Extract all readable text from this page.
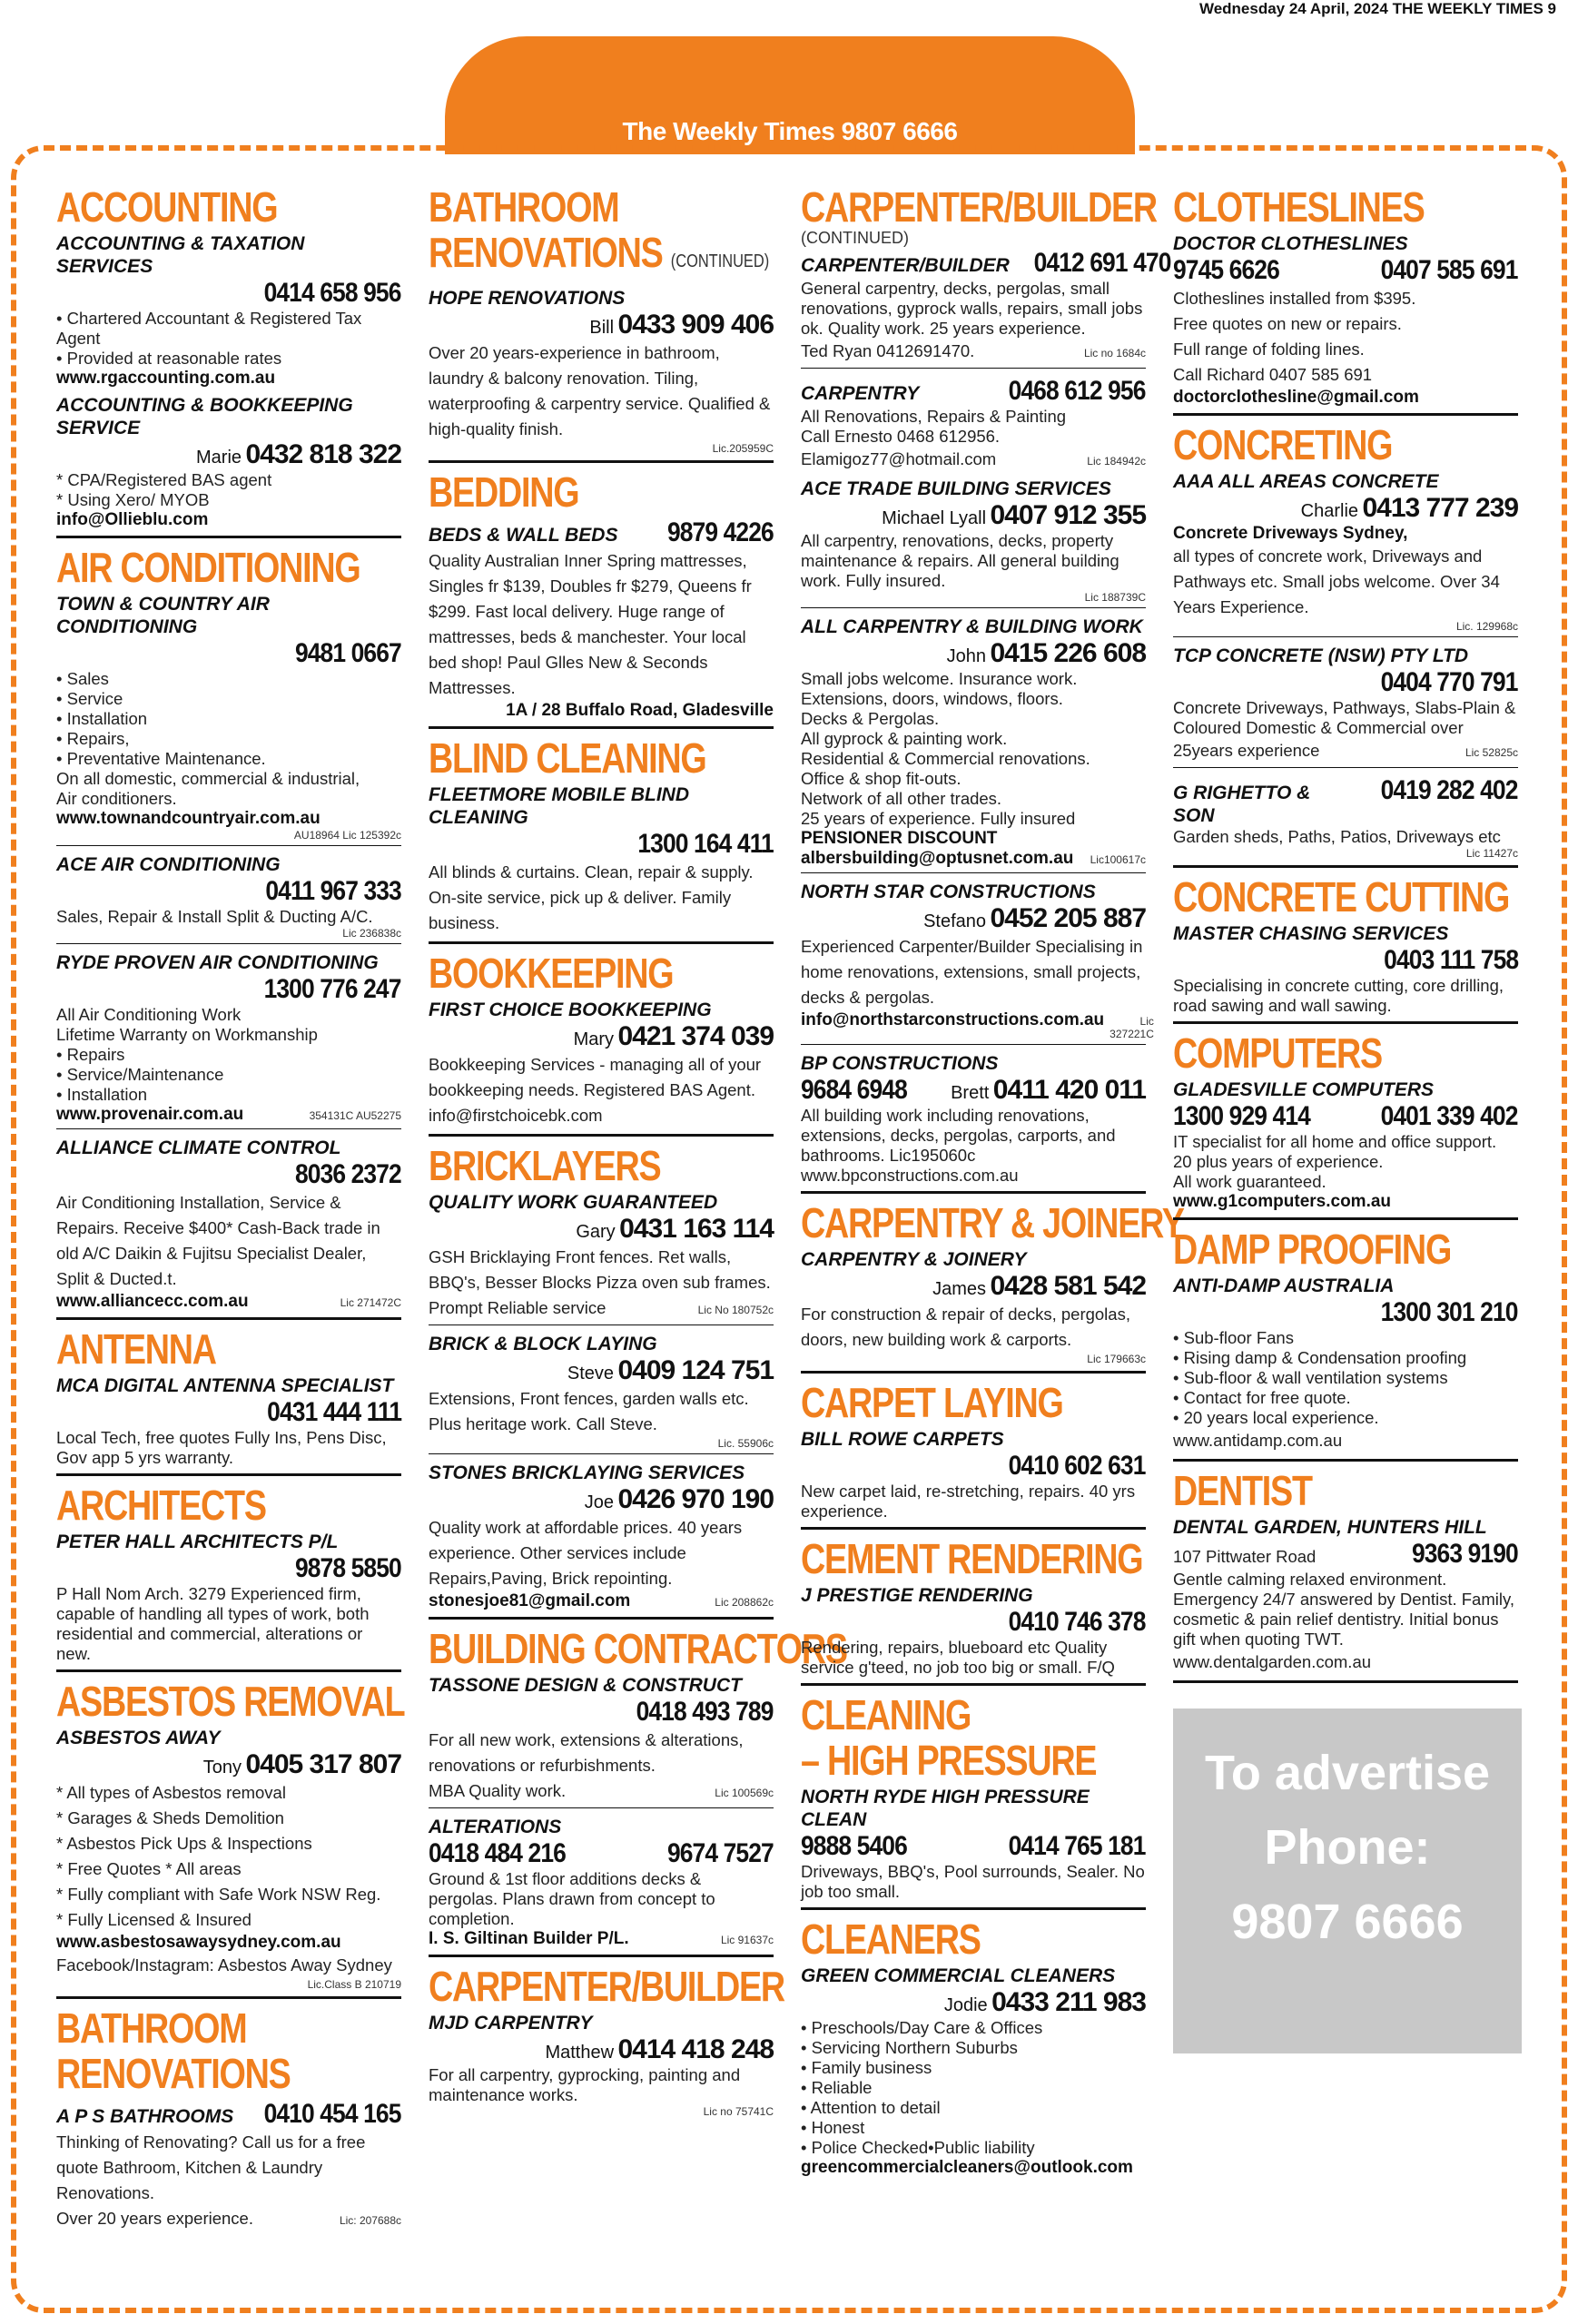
Wednesday 24 April, 2024 THE WEEKLY TIMES 9
The Weekly Times 9807 6666
ACCOUNTING
ACCOUNTING & TAXATION SERVICES
0414 658 956
• Chartered Accountant & Registered Tax Agent
• Provided at reasonable rates
www.rgaccounting.com.au
ACCOUNTING & BOOKKEEPING SERVICE
Marie 0432 818 322
* CPA/Registered BAS agent
* Using Xero/ MYOB
info@Ollieblu.com
AIR CONDITIONING
TOWN & COUNTRY AIR CONDITIONING
9481 0667
• Sales
• Service
• Installation
• Repairs,
• Preventative Maintenance.
On all domestic, commercial & industrial,
Air conditioners.
www.townandcountryair.com.au
AU18964 Lic 125392c
ACE AIR CONDITIONING
0411 967 333
Sales, Repair & Install Split & Ducting A/C.
Lic 236838c
RYDE PROVEN AIR CONDITIONING
1300 776 247
All Air Conditioning Work
Lifetime Warranty on Workmanship
• Repairs
• Service/Maintenance
• Installation
www.provenair.com.au	354131C AU52275
ALLIANCE CLIMATE CONTROL
8036 2372
Air Conditioning Installation, Service & Repairs. Receive $400* Cash-Back trade in old A/C Daikin & Fujitsu Specialist Dealer, Split & Ducted.t.
www.alliancecc.com.au	Lic 271472C
ANTENNA
MCA DIGITAL ANTENNA SPECIALIST
0431 444 111
Local Tech, free quotes Fully Ins, Pens Disc, Gov app 5 yrs warranty.
ARCHITECTS
PETER HALL ARCHITECTS P/L
9878 5850
P Hall Nom Arch. 3279 Experienced firm, capable of handling all types of work, both residential and commercial, alterations or new.
ASBESTOS REMOVAL
ASBESTOS AWAY
Tony 0405 317 807
* All types of Asbestos removal
* Garages & Sheds Demolition
* Asbestos Pick Ups & Inspections
* Free Quotes * All areas
* Fully compliant with Safe Work NSW Reg.
* Fully Licensed & Insured
www.asbestosawaysydney.com.au
Facebook/Instagram: Asbestos Away Sydney
Lic.Class B 210719
BATHROOM
RENOVATIONS
A P S BATHROOMS 0410 454 165
Thinking of Renovating? Call us for a free quote Bathroom, Kitchen & Laundry Renovations.
Over 20 years experience.	Lic: 207688c
BATHROOM
RENOVATIONS (CONTINUED)
HOPE RENOVATIONS
Bill 0433 909 406
Over 20 years-experience in bathroom, laundry & balcony renovation. Tiling, waterproofing & carpentry service. Qualified & high-quality finish.
Lic.205959C
BEDDING
BEDS & WALL BEDS 9879 4226
Quality Australian Inner Spring mattresses, Singles fr $139, Doubles fr $279, Queens fr $299. Fast local delivery. Huge range of mattresses, beds & manchester. Your local bed shop! Paul Glles New & Seconds Mattresses.
1A / 28 Buffalo Road, Gladesville
BLIND CLEANING
FLEETMORE MOBILE BLIND CLEANING
1300 164 411
All blinds & curtains. Clean, repair & supply. On-site service, pick up & deliver. Family business.
BOOKKEEPING
FIRST CHOICE BOOKKEEPING
Mary 0421 374 039
Bookkeeping Services - managing all of your bookkeeping needs. Registered BAS Agent.
info@firstchoicebk.com
BRICKLAYERS
QUALITY WORK GUARANTEED
Gary 0431 163 114
GSH Bricklaying Front fences. Ret walls, BBQ's, Besser Blocks Pizza oven sub frames.
Prompt Reliable service	Lic No 180752c
BRICK & BLOCK LAYING
Steve 0409 124 751
Extensions, Front fences, garden walls etc. Plus heritage work. Call Steve.
Lic. 55906c
STONES BRICKLAYING SERVICES
Joe 0426 970 190
Quality work at affordable prices. 40 years experience. Other services include Repairs,Paving, Brick repointing.
stonesjoe81@gmail.com	Lic 208862c
BUILDING CONTRACTORS
TASSONE DESIGN & CONSTRUCT
0418 493 789
For all new work, extensions & alterations, renovations or refurbishments.
MBA Quality work.	Lic 100569c
ALTERATIONS
0418 484 216	9674 7527
Ground & 1st floor additions decks & pergolas. Plans drawn from concept to completion.
I. S. Giltinan Builder P/L.	Lic 91637c
CARPENTER/BUILDER
MJD CARPENTRY
Matthew 0414 418 248
For all carpentry, gyprocking, painting and maintenance works.
Lic no 75741C
CARPENTER/BUILDER
(CONTINUED)
CARPENTER/BUILDER 0412 691 470
General carpentry, decks, pergolas, small renovations, gyprock walls, repairs, small jobs ok. Quality work. 25 years experience.
Ted Ryan 0412691470.	Lic no 1684c
CARPENTRY	0468 612 956
All Renovations, Repairs & Painting
Call Ernesto 0468 612956.
Elamigoz77@hotmail.com	Lic 184942c
ACE TRADE BUILDING SERVICES
Michael Lyall 0407 912 355
All carpentry, renovations, decks, property maintenance & repairs. All general building work. Fully insured.
Lic 188739C
ALL CARPENTRY & BUILDING WORK
John 0415 226 608
Small jobs welcome. Insurance work.
Extensions, doors, windows, floors.
Decks & Pergolas.
All gyprock & painting work.
Residential & Commercial renovations.
Office & shop fit-outs.
Network of all other trades.
25 years of experience. Fully insured
PENSIONER DISCOUNT
albersbuilding@optusnet.com.au Lic100617c
NORTH STAR CONSTRUCTIONS
Stefano 0452 205 887
Experienced Carpenter/Builder Specialising in home renovations, extensions, small projects, decks & pergolas.
info@northstarconstructions.com.au	Lic 327221C
BP CONSTRUCTIONS
9684 6948 Brett 0411 420 011
All building work including renovations, extensions, decks, pergolas, carports, and bathrooms. Lic195060c www.bpconstructions.com.au
CARPENTRY & JOINERY
CARPENTRY & JOINERY
James 0428 581 542
For construction & repair of decks, pergolas, doors, new building work & carports.
Lic 179663c
CARPET LAYING
BILL ROWE CARPETS
0410 602 631
New carpet laid, re-stretching, repairs. 40 yrs experience.
CEMENT RENDERING
J PRESTIGE RENDERING
0410 746 378
Rendering, repairs, blueboard etc Quality service g'teed, no job too big or small. F/Q
CLEANING
– HIGH PRESSURE
NORTH RYDE HIGH PRESSURE CLEAN
9888 5406	0414 765 181
Driveways, BBQ's, Pool surrounds, Sealer. No job too small.
CLEANERS
GREEN COMMERCIAL CLEANERS
Jodie 0433 211 983
• Preschools/Day Care & Offices
• Servicing Northern Suburbs
• Family business
• Reliable
• Attention to detail
• Honest
• Police Checked•Public liability
greencommercialcleaners@outlook.com
CLOTHESLINES
DOCTOR CLOTHESLINES
9745 6626	0407 585 691
Clotheslines installed from $395.
Free quotes on new or repairs.
Full range of folding lines.
Call Richard 0407 585 691
doctorclothesline@gmail.com
CONCRETING
AAA ALL AREAS CONCRETE
Charlie 0413 777 239
Concrete Driveways Sydney,
all types of concrete work, Driveways and Pathways etc. Small jobs welcome. Over 34 Years Experience.
Lic. 129968c
TCP CONCRETE (NSW) PTY LTD
0404 770 791
Concrete Driveways, Pathways, Slabs-Plain & Coloured Domestic & Commercial over
25years experience	Lic 52825c
G RIGHETTO & SON
0419 282 402
Garden sheds, Paths, Patios, Driveways etc
Lic 11427c
CONCRETE CUTTING
MASTER CHASING SERVICES
0403 111 758
Specialising in concrete cutting, core drilling, road sawing and wall sawing.
COMPUTERS
GLADESVILLE COMPUTERS
1300 929 414	0401 339 402
IT specialist for all home and office support. 20 plus years of experience.
All work guaranteed.
www.g1computers.com.au
DAMP PROOFING
ANTI-DAMP AUSTRALIA
1300 301 210
• Sub-floor Fans
• Rising damp & Condensation proofing
• Sub-floor & wall ventilation systems
• Contact for free quote.
• 20 years local experience.
www.antidamp.com.au
DENTIST
DENTAL GARDEN, HUNTERS HILL
107 Pittwater Road	9363 9190
Gentle calming relaxed environment. Emergency 24/7 answered by Dentist. Family, cosmetic & pain relief dentistry. Initial bonus gift when quoting TWT.
www.dentalgarden.com.au
To advertise
Phone:
9807 6666
